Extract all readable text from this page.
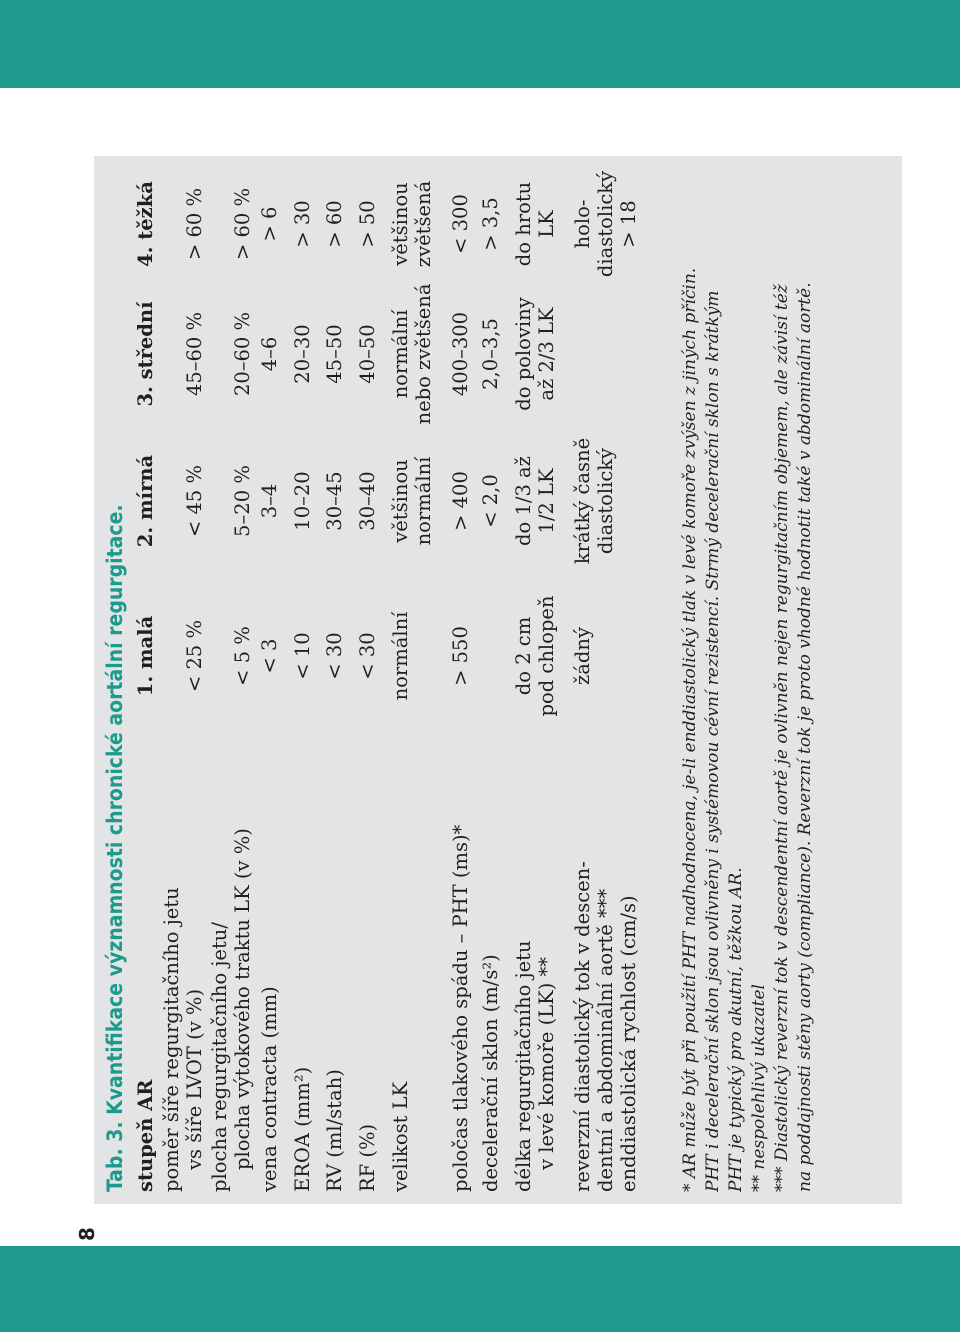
8
Tab. 3. Kvantifikace významnosti chronické aortální regurgitace. stupeň AR
1. malá
2. mírná
3. střední
4. těžká
poměr šíře regurgitačního jetu vs šíře LVOT (v %)
< 25 %
< 45 %
45–60 %
> 60 %
plocha regurgitačního jetu/ plocha výtokového traktu LK (v %)
< 5 %
5–20 %
20–60 %
> 60 %
vena contracta (mm)
< 3
3–4
4–6
> 6
EROA (mm²)
< 10
10–20
20–30
> 30
RV (ml/stah)
< 30
30–45
45–50
> 60
RF (%)
< 30
30–40
40–50
> 50
velikost LK
normální
většinou normální
normální nebo zvětšená
většinou zvětšená
poločas tlakového spádu – PHT (ms)*
> 550
> 400
400–300
< 300
decelerační sklon (m/s²)
< 2,0
2,0–3,5
> 3,5
délka regurgitačního jetu v levé komoře (LK) **
do 2 cm pod chlopeň
do 1/3 až 1/2 LK
do poloviny až 2/3 LK
do hrotu LK
reverzní diastolický tok v descen- dentní a abdominální aortě *** enddiastolická rychlost (cm/s)
žádný
krátký časně diastolický
holo- diastolický > 18
* AR může být při použití PHT nadhodnocena, je-li enddiastolický tlak v levé komoře zvýšen z jiných příčin. PHT i decelerační sklon jsou ovlivněny i systémovou cévní rezistencí. Strmý decelerační sklon s krátkým PHT je typický pro akutní, těžkou AR. ** nespolehlivý ukazatel *** Diastolický reverzní tok v descendentní aortě je ovlivněn nejen regurgitačním objemem, ale závisí též na poddajnosti stěny aorty (compliance). Reverzní tok je proto vhodné hodnotit také v abdominální aortě.
